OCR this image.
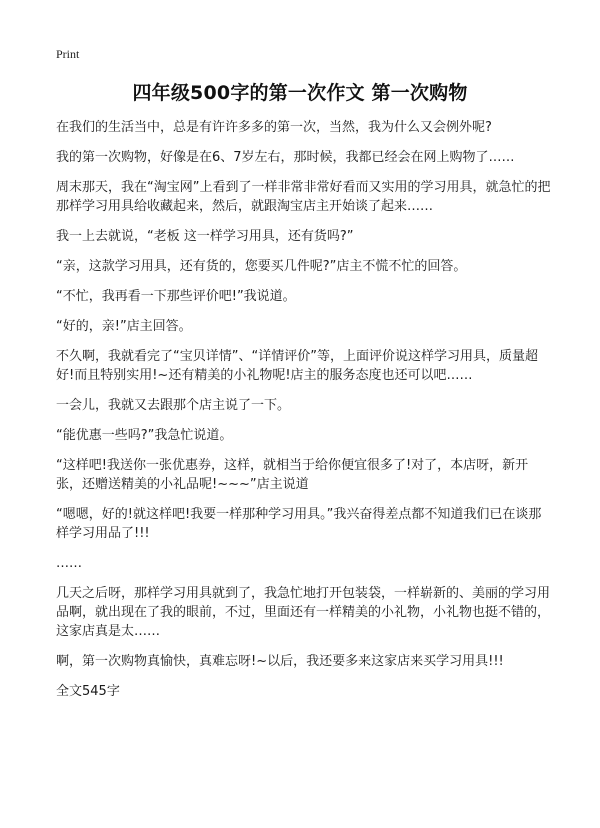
Print
四年级500字的第一次作文 第一次购物

在我们的生活当中，总是有许许多多的第一次，当然，我为什么又会例外呢?

我的第一次购物，好像是在6、7岁左右，那时候，我都已经会在网上购物了……

周末那天，我在“淘宝网”上看到了一样非常非常好看而又实用的学习用具，就急忙的把那样学习用具给收藏起来，然后，就跟淘宝店主开始谈了起来……

我一上去就说，“老板 这一样学习用具，还有货吗?”

“亲，这款学习用具，还有货的，您要买几件呢?”店主不慌不忙的回答。

“不忙，我再看一下那些评价吧!”我说道。

“好的，亲!”店主回答。

不久啊，我就看完了“宝贝详情”、“详情评价”等，上面评价说这样学习用具，质量超好!而且特别实用!~还有精美的小礼物呢!店主的服务态度也还可以吧……

一会儿，我就又去跟那个店主说了一下。

“能优惠一些吗?”我急忙说道。

“这样吧!我送你一张优惠券，这样，就相当于给你便宜很多了!对了，本店呀，新开张，还赠送精美的小礼品呢!~~~”店主说道

“嗯嗯，好的!就这样吧!我要一样那种学习用具。”我兴奋得差点都不知道我们已在谈那样学习用品了!!!

……

几天之后呀，那样学习用具就到了，我急忙地打开包装袋，一样崭新的、美丽的学习用品啊，就出现在了我的眼前，不过，里面还有一样精美的小礼物，小礼物也挺不错的，这家店真是太……

啊，第一次购物真愉快，真难忘呀!~以后，我还要多来这家店来买学习用具!!!

全文545字
